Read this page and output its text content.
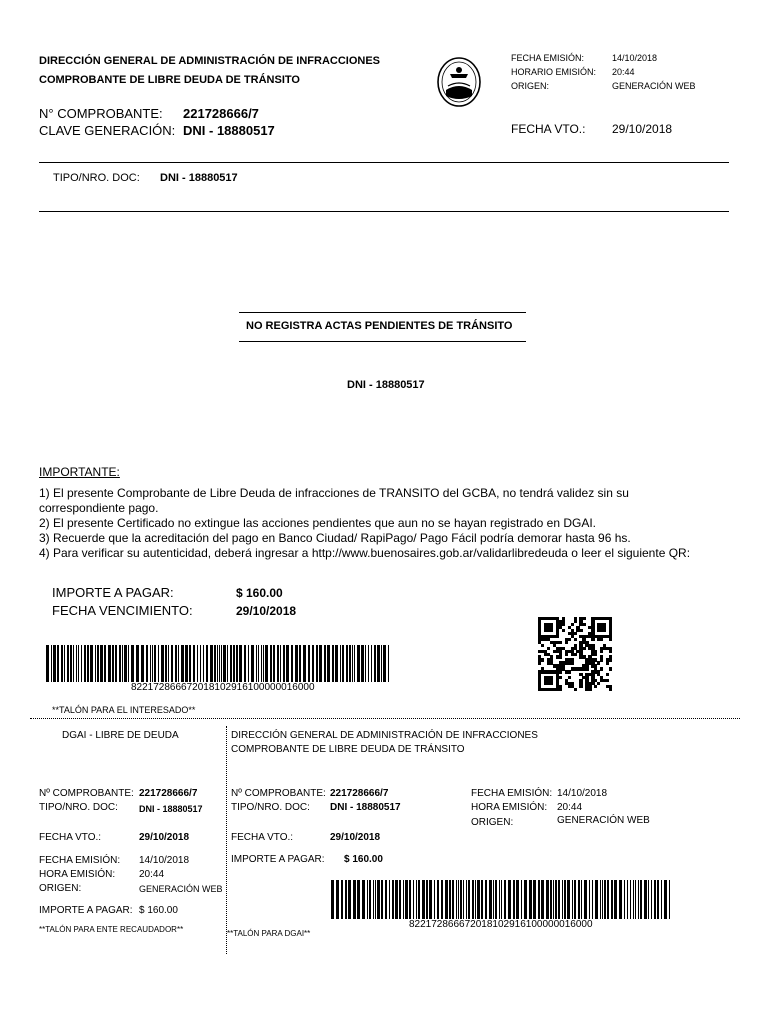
DIRECCIÓN GENERAL DE ADMINISTRACIÓN DE INFRACCIONES
COMPROBANTE DE LIBRE DEUDA DE TRÁNSITO
FECHA EMISIÓN:	14/10/2018
HORARIO EMISIÓN: 20:44
ORIGEN:	GENERACIÓN WEB
N° COMPROBANTE: 221728666/7
CLAVE GENERACIÓN: DNI - 18880517	FECHA VTO.: 29/10/2018
TIPO/NRO. DOC: DNI - 18880517
NO REGISTRA ACTAS PENDIENTES DE TRÁNSITO
DNI - 18880517
IMPORTANTE:
1) El presente Comprobante de Libre Deuda de infracciones de TRANSITO del GCBA, no tendrá validez sin su
correspondiente pago.
2) El presente Certificado no extingue las acciones pendientes que aun no se hayan registrado en DGAI.
3) Recuerde que la acreditación del pago en Banco Ciudad/ RapiPago/ Pago Fácil podría demorar hasta 96 hs.
4) Para verificar su autenticidad, deberá ingresar a http://www.buenosaires.gob.ar/validarlibredeuda o leer el siguiente QR:
IMPORTE A PAGAR:	$ 160.00
FECHA VENCIMIENTO:	29/10/2018
822172866672018102916100000016000
**TALÓN PARA EL INTERESADO**
DGAI - LIBRE DE DEUDA
Nº COMPROBANTE: 221728666/7
TIPO/NRO. DOC: DNI - 18880517
FECHA VTO.:	29/10/2018
FECHA EMISIÓN: 14/10/2018
HORA EMISIÓN: 20:44
ORIGEN:	GENERACIÓN WEB
IMPORTE A PAGAR: $ 160.00
**TALÓN PARA ENTE RECAUDADOR**
DIRECCIÓN GENERAL DE ADMINISTRACIÓN DE INFRACCIONES
COMPROBANTE DE LIBRE DEUDA DE TRÁNSITO
Nº COMPROBANTE: 221728666/7
TIPO/NRO. DOC: DNI - 18880517
FECHA VTO.:	29/10/2018
IMPORTE A PAGAR: $ 160.00
FECHA EMISIÓN: 14/10/2018
HORA EMISIÓN: 20:44
ORIGEN:	GENERACIÓN WEB
822172866672018102916100000016000
**TALÓN PARA DGAI**
